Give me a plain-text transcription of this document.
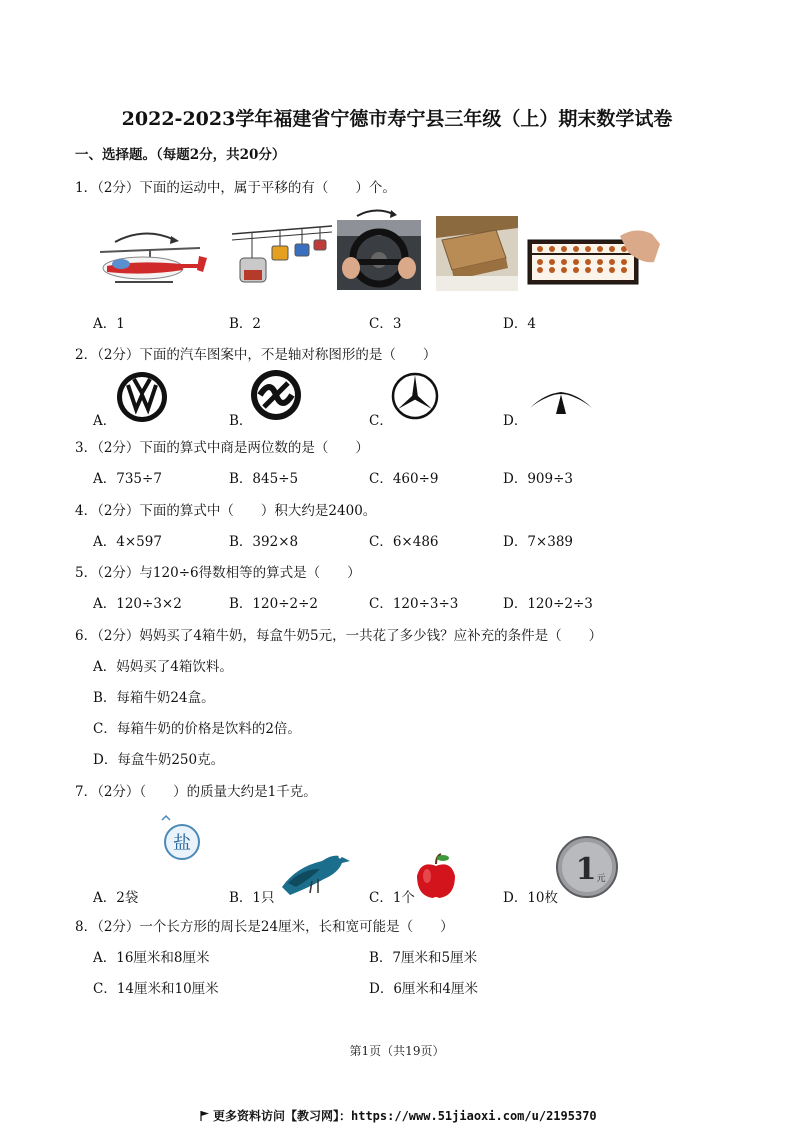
2022-2023学年福建省宁德市寿宁县三年级（上）期末数学试卷
一、选择题。（每题2分，共20分）
1．（2分）下面的运动中，属于平移的有（　　）个。
A．1	B．2	C．3	D．4
2．（2分）下面的汽车图案中，不是轴对称图形的是（　　）
A．	B．	C．	D．
3．（2分）下面的算式中商是两位数的是（　　）
A．735÷7	B．845÷5	C．460÷9	D．909÷3
4．（2分）下面的算式中（　　）积大约是2400。
A．4×597	B．392×8	C．6×486	D．7×389
5．（2分）与120÷6得数相等的算式是（　　）
A．120÷3×2	B．120÷2÷2	C．120÷3÷3	D．120÷2÷3
6．（2分）妈妈买了4箱牛奶，每盒牛奶5元，一共花了多少钱？应补充的条件是（　　）
A．妈妈买了4箱饮料。
B．每箱牛奶24盒。
C．每箱牛奶的价格是饮料的2倍。
D．每盒牛奶250克。
7．（2分）（　　）的质量大约是1千克。
盐
1 元
A．2袋	B．1只	C．1个	D．10枚
8．（2分）一个长方形的周长是24厘米，长和宽可能是（　　）
A．16厘米和8厘米	B．7厘米和5厘米
C．14厘米和10厘米	D．6厘米和4厘米
第1页（共19页）
更多资料访问【教习网】：https://www.51jiaoxi.com/u/2195370
